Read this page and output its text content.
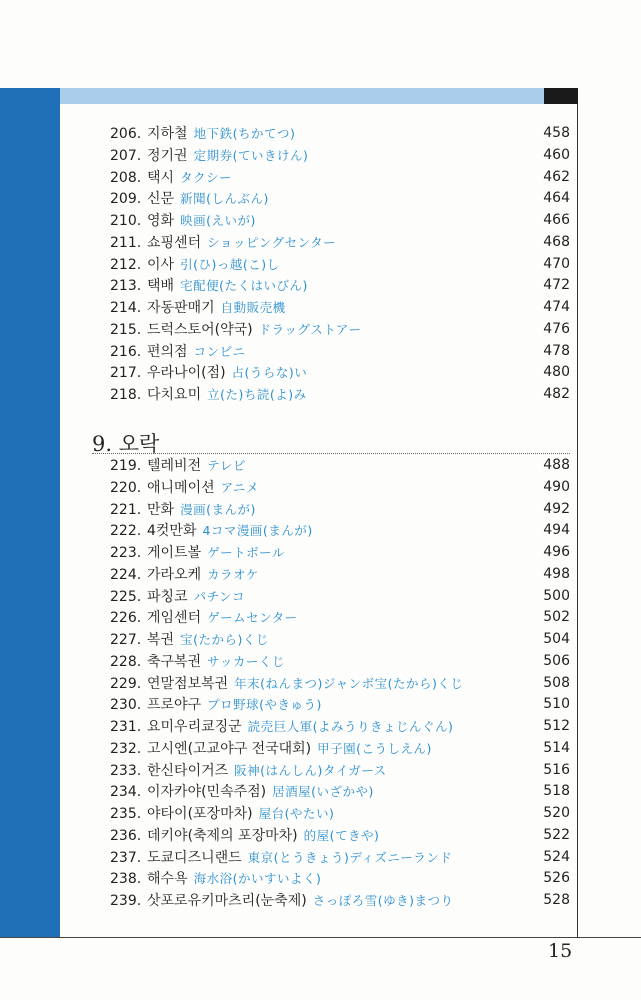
206. 지하철 地下鉄(ちかてつ)	458
207. 정기권 定期券(ていきけん)	460
208. 택시 タクシー	462
209. 신문 新聞(しんぶん)	464
210. 영화 映画(えいが)	466
211. 쇼핑센터 ショッピングセンター	468
212. 이사 引(ひ)っ越(こ)し	470
213. 택배 宅配便(たくはいびん)	472
214. 자동판매기 自動販売機	474
215. 드럭스토어(약국) ドラッグストアー	476
216. 편의점 コンビニ	478
217. 우라나이(점) 占(うらな)い	480
218. 다치요미 立(た)ち読(よ)み	482
9. 오락
219. 텔레비전 テレビ	488
220. 애니메이션 アニメ	490
221. 만화 漫画(まんが)	492
222. 4컷만화 4コマ漫画(まんが)	494
223. 게이트볼 ゲートボール	496
224. 가라오케 カラオケ	498
225. 파칭코 パチンコ	500
226. 게임센터 ゲームセンター	502
227. 복권 宝(たから)くじ	504
228. 축구복권 サッカーくじ	506
229. 연말점보복권 年末(ねんまつ)ジャンボ宝(たから)くじ	508
230. 프로야구 プロ野球(やきゅう)	510
231. 요미우리쿄징군 読売巨人軍(よみうりきょじんぐん)	512
232. 고시엔(고교야구 전국대회) 甲子園(こうしえん)	514
233. 한신타이거즈 阪神(はんしん)タイガース	516
234. 이자카야(민속주점) 居酒屋(いざかや)	518
235. 야타이(포장마차) 屋台(やたい)	520
236. 데키야(축제의 포장마차) 的屋(てきや)	522
237. 도쿄디즈니랜드 東京(とうきょう)ディズニーランド	524
238. 해수욕 海水浴(かいすいよく)	526
239. 삿포로유키마츠리(눈축제) さっぽろ雪(ゆき)まつり	528
15
